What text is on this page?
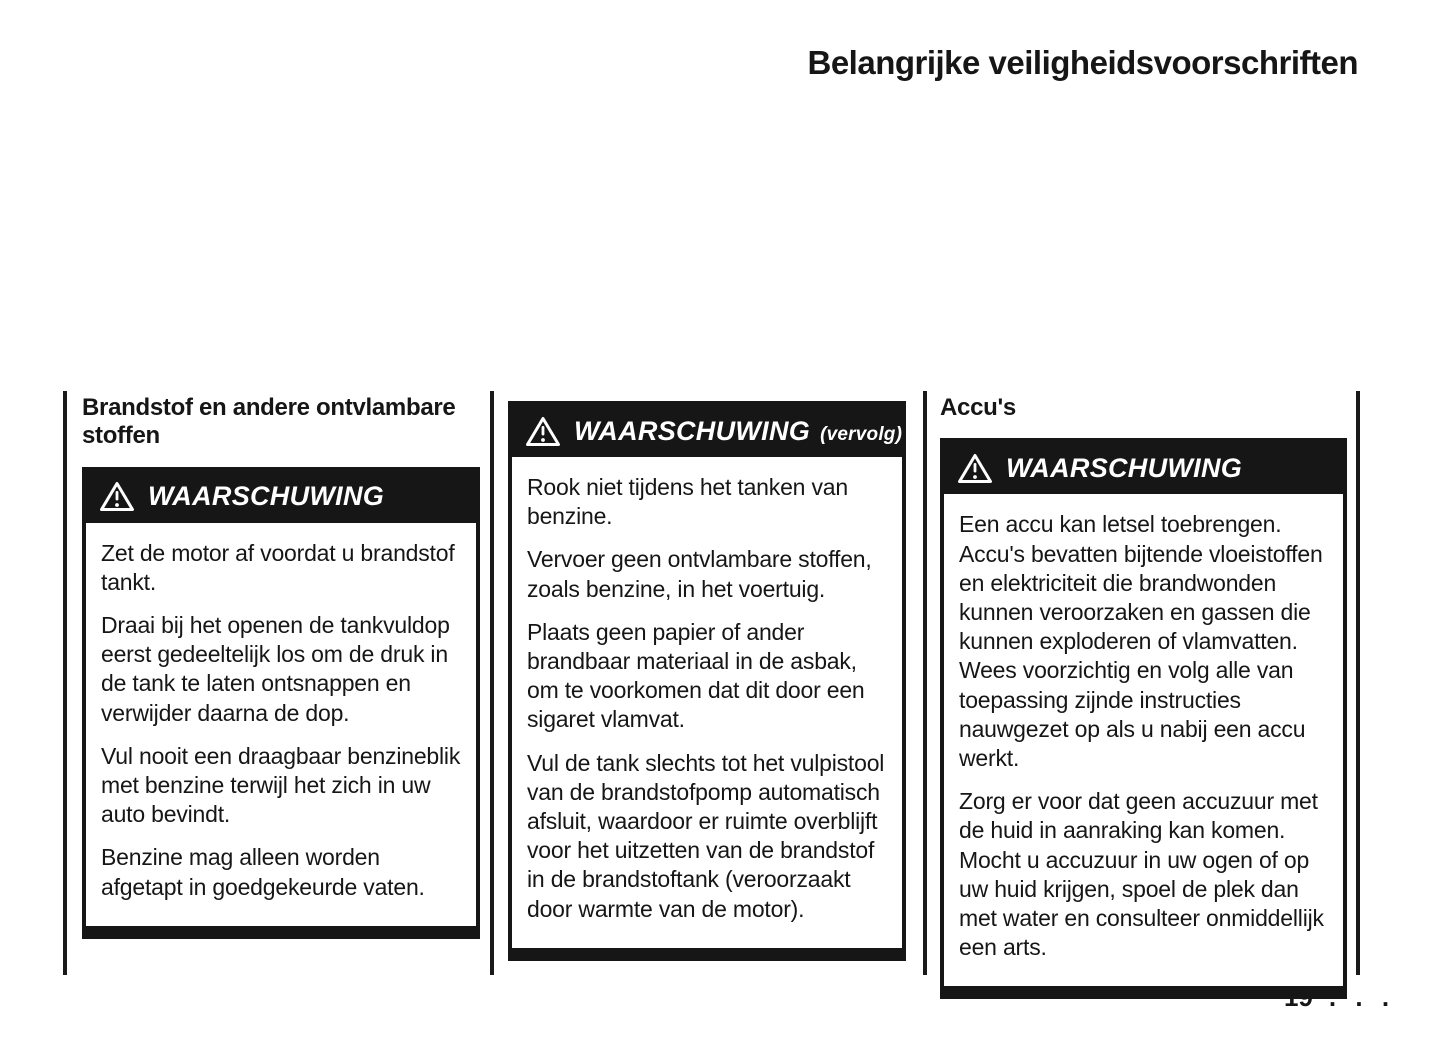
Belangrijke veiligheidsvoorschriften
Brandstof en andere ontvlambare stoffen
WAARSCHUWING

Zet de motor af voordat u brandstof tankt.

Draai bij het openen de tankvuldop eerst gedeeltelijk los om de druk in de tank te laten ontsnappen en verwijder daarna de dop.

Vul nooit een draagbaar benzineblik met benzine terwijl het zich in uw auto bevindt.

Benzine mag alleen worden afgetapt in goedgekeurde vaten.

WAARSCHUWING (vervolg)

Rook niet tijdens het tanken van benzine.

Vervoer geen ontvlambare stoffen, zoals benzine, in het voertuig.

Plaats geen papier of ander brandbaar materiaal in de asbak, om te voorkomen dat dit door een sigaret vlamvat.

Vul de tank slechts tot het vulpistool van de brandstofpomp automatisch afsluit, waardoor er ruimte overblijft voor het uitzetten van de brandstof in de brandstoftank (veroorzaakt door warmte van de motor).

Accu's
WAARSCHUWING

Een accu kan letsel toebrengen. Accu's bevatten bijtende vloeistoffen en elektriciteit die brandwonden kunnen veroorzaken en gassen die kunnen exploderen of vlamvatten. Wees voorzichtig en volg alle van toepassing zijnde instructies nauwgezet op als u nabij een accu werkt.

Zorg er voor dat geen accuzuur met de huid in aanraking kan komen. Mocht u accuzuur in uw ogen of op uw huid krijgen, spoel de plek dan met water en consulteer onmiddellijk een arts.

19 . . .
